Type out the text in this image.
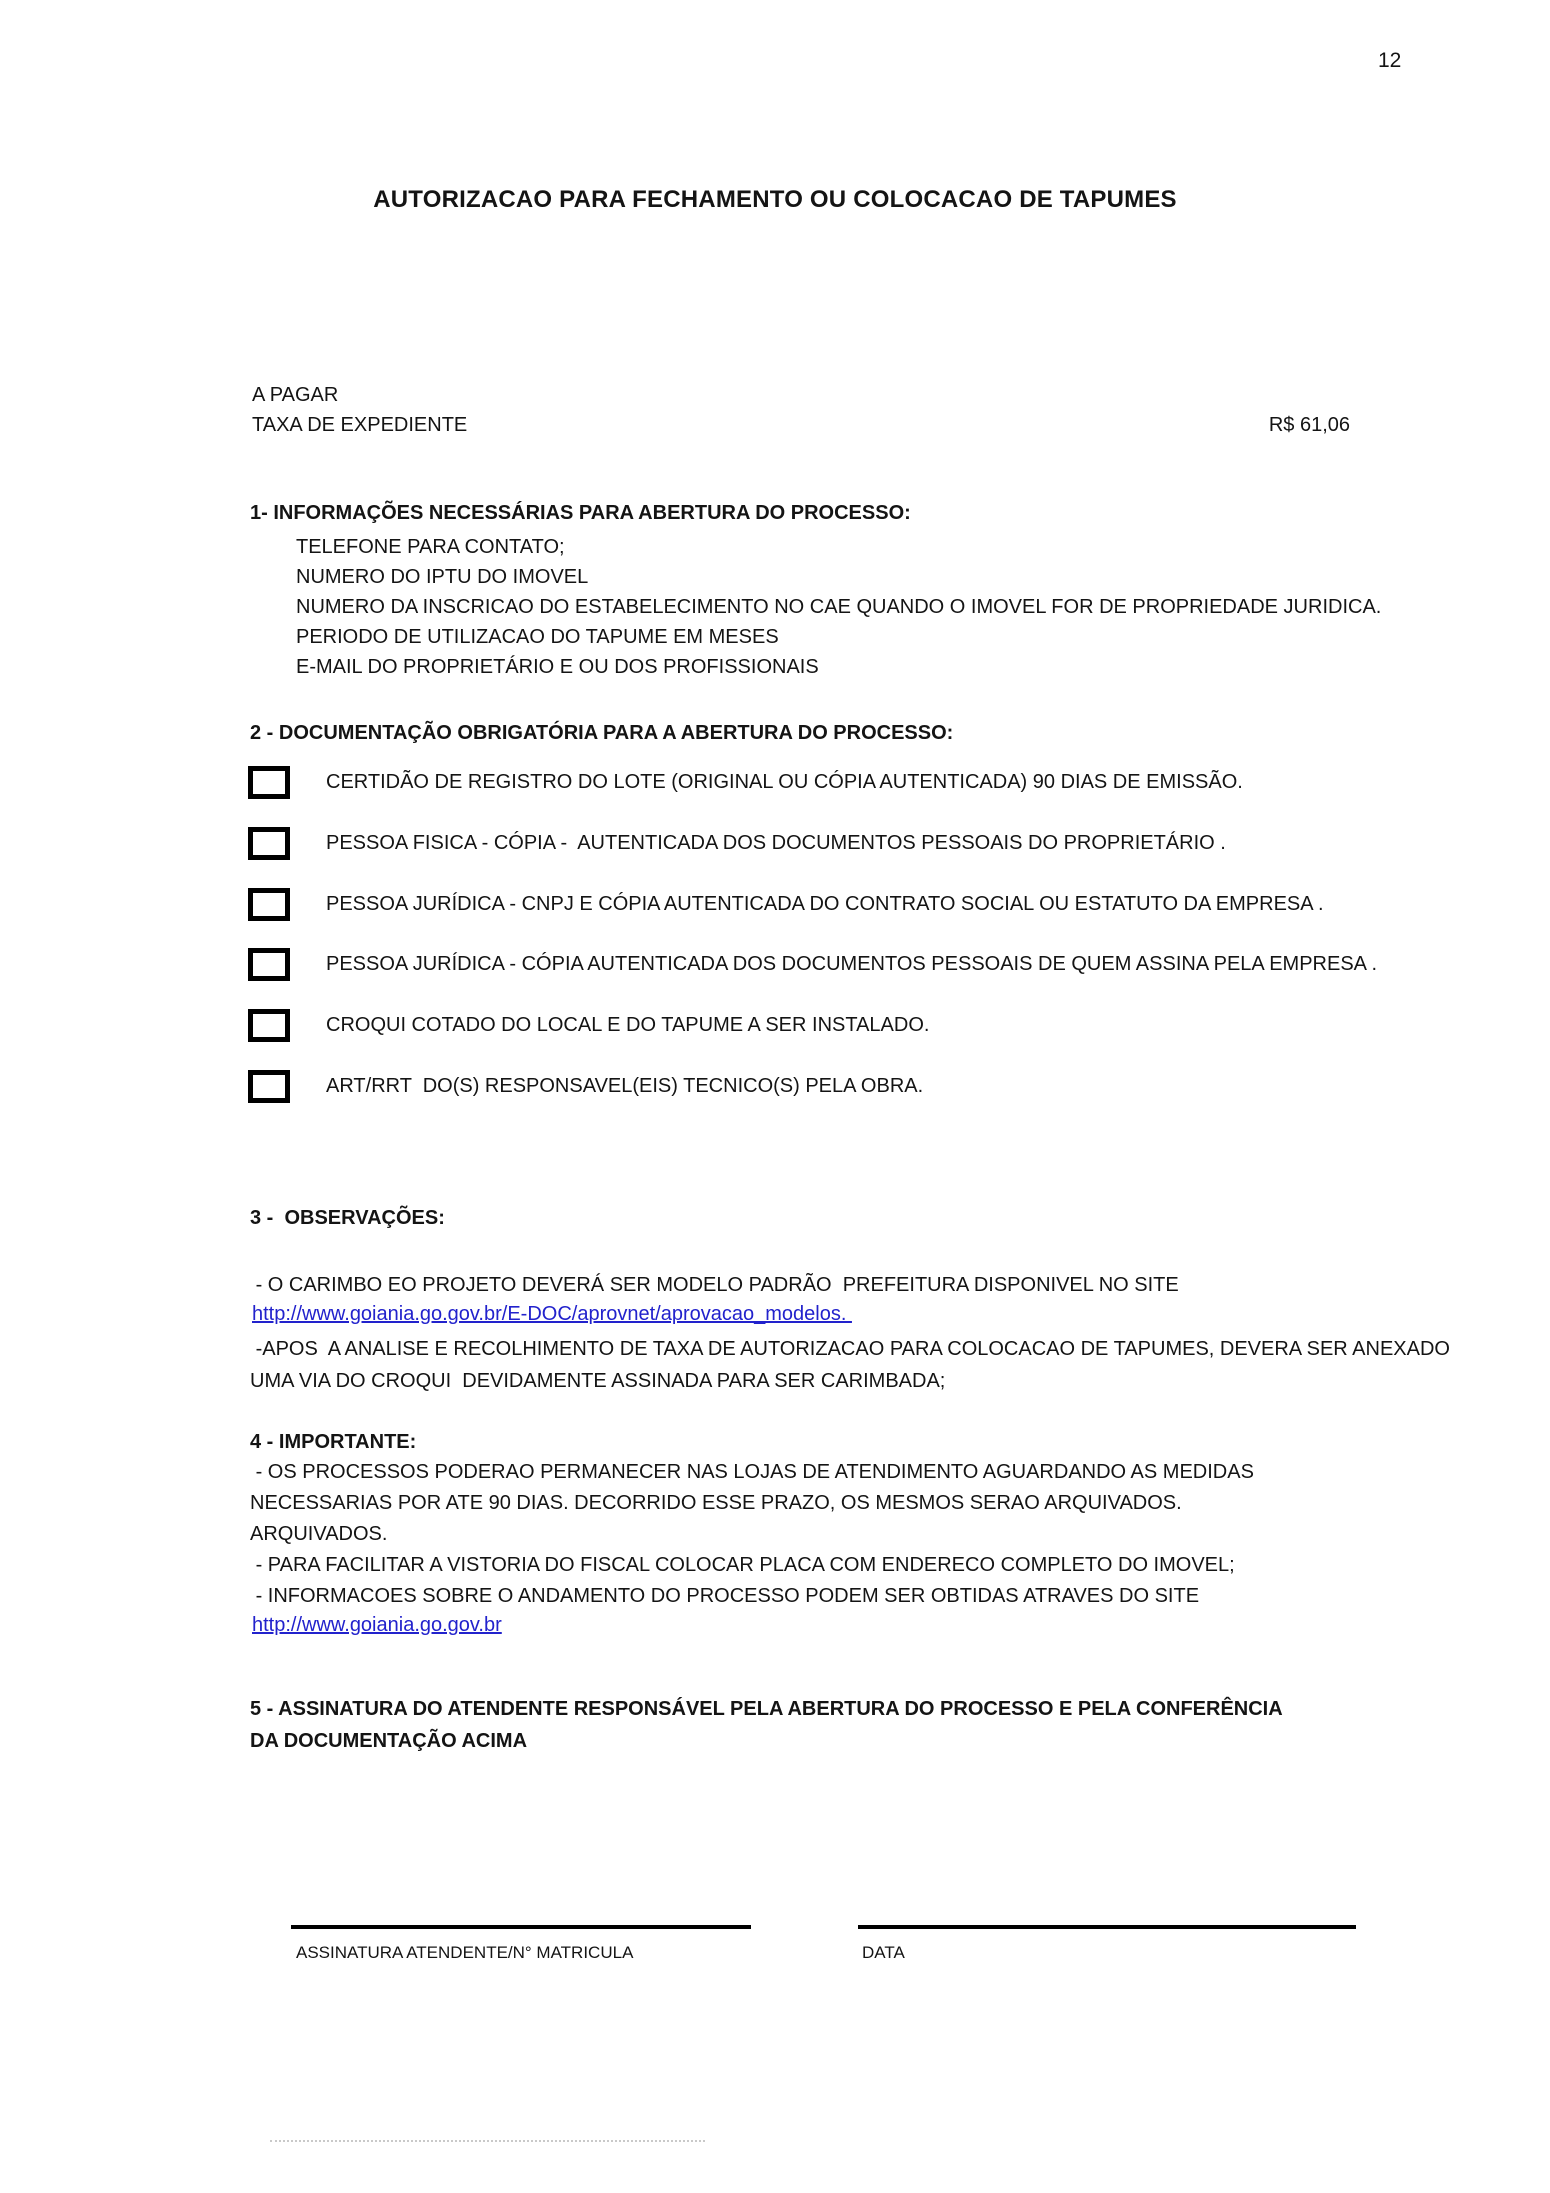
12
AUTORIZACAO PARA FECHAMENTO OU COLOCACAO DE TAPUMES
A PAGAR
TAXA DE EXPEDIENTE	R$ 61,06
1- INFORMAÇÕES NECESSÁRIAS PARA ABERTURA DO PROCESSO:
TELEFONE PARA CONTATO;
NUMERO DO IPTU DO IMOVEL
NUMERO DA INSCRICAO DO ESTABELECIMENTO NO CAE QUANDO O IMOVEL FOR DE PROPRIEDADE JURIDICA.
PERIODO DE UTILIZACAO DO TAPUME EM MESES
E-MAIL DO PROPRIETÁRIO E OU DOS PROFISSIONAIS
2 - DOCUMENTAÇÃO OBRIGATÓRIA PARA A ABERTURA DO PROCESSO:
CERTIDÃO DE REGISTRO DO LOTE (ORIGINAL OU CÓPIA AUTENTICADA) 90 DIAS DE EMISSÃO.
PESSOA FISICA - CÓPIA -  AUTENTICADA DOS DOCUMENTOS PESSOAIS DO PROPRIETÁRIO .
PESSOA JURÍDICA - CNPJ E CÓPIA AUTENTICADA DO CONTRATO SOCIAL OU ESTATUTO DA EMPRESA .
PESSOA JURÍDICA - CÓPIA AUTENTICADA DOS DOCUMENTOS PESSOAIS DE QUEM ASSINA PELA EMPRESA .
CROQUI COTADO DO LOCAL E DO TAPUME A SER INSTALADO.
ART/RRT  DO(S) RESPONSAVEL(EIS) TECNICO(S) PELA OBRA.
3 -  OBSERVAÇÕES:
- O CARIMBO EO PROJETO DEVERÁ SER MODELO PADRÃO  PREFEITURA DISPONIVEL NO SITE
http://www.goiania.go.gov.br/E-DOC/aprovnet/aprovacao_modelos.
-APOS  A ANALISE E RECOLHIMENTO DE TAXA DE AUTORIZACAO PARA COLOCACAO DE TAPUMES, DEVERA SER ANEXADO
UMA VIA DO CROQUI  DEVIDAMENTE ASSINADA PARA SER CARIMBADA;
4 - IMPORTANTE:
- OS PROCESSOS PODERAO PERMANECER NAS LOJAS DE ATENDIMENTO AGUARDANDO AS MEDIDAS
NECESSARIAS POR ATE 90 DIAS. DECORRIDO ESSE PRAZO, OS MESMOS SERAO ARQUIVADOS.
ARQUIVADOS.
- PARA FACILITAR A VISTORIA DO FISCAL COLOCAR PLACA COM ENDERECO COMPLETO DO IMOVEL;
- INFORMACOES SOBRE O ANDAMENTO DO PROCESSO PODEM SER OBTIDAS ATRAVES DO SITE
http://www.goiania.go.gov.br
5 - ASSINATURA DO ATENDENTE RESPONSÁVEL PELA ABERTURA DO PROCESSO E PELA CONFERÊNCIA
DA DOCUMENTAÇÃO ACIMA
ASSINATURA ATENDENTE/N° MATRICULA	DATA
